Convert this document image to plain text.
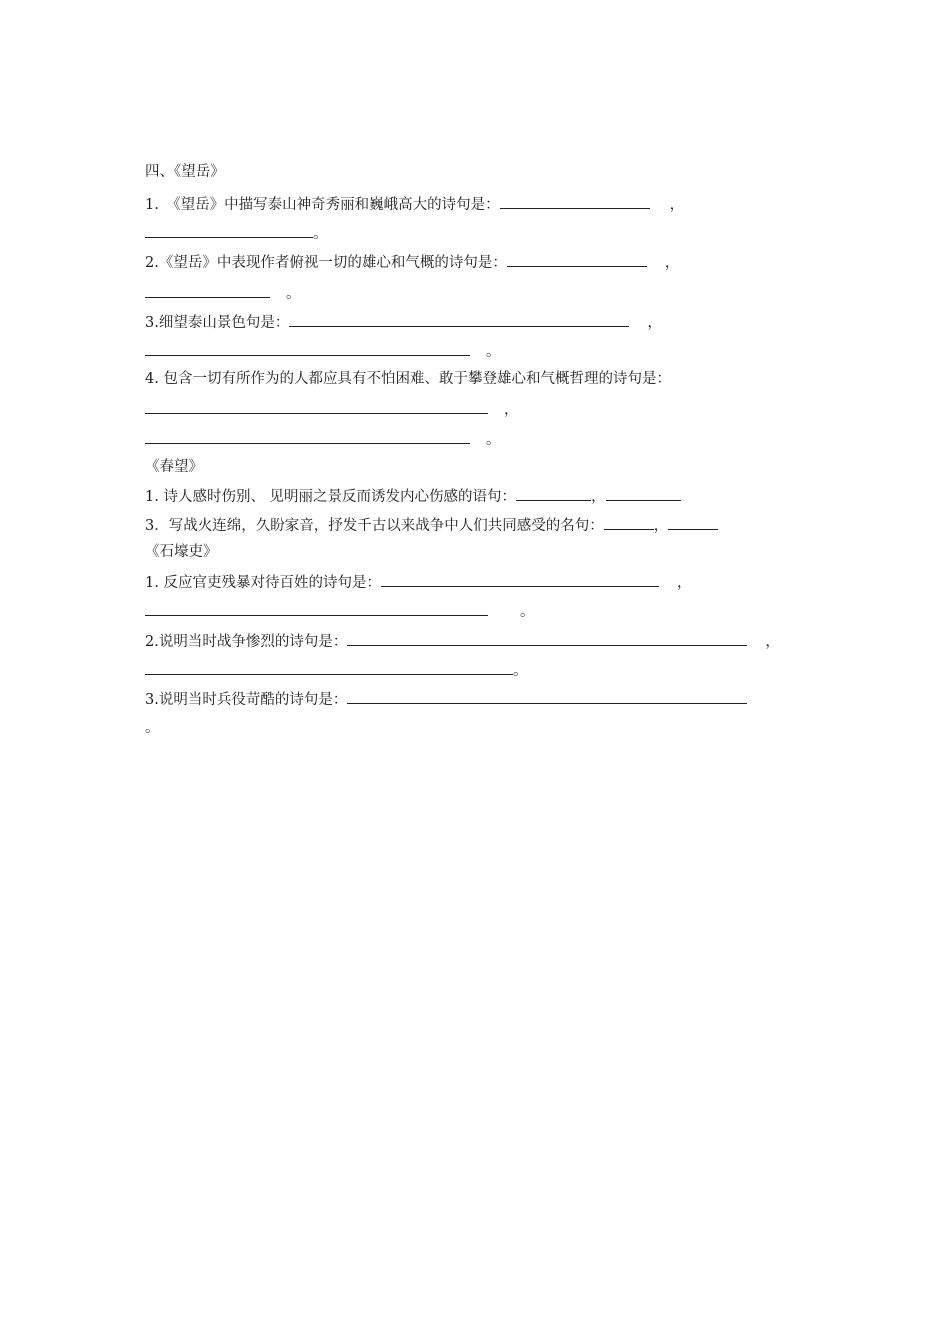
四、《望岳》
1.　《望岳》中描写泰山神奇秀丽和巍峨高大的诗句是：	，
。
2.《望岳》中表现作者俯视一切的雄心和气概的诗句是：	，
。
3.细望泰山景色句是：	，
。
4. 包含一切有所作为的人都应具有不怕困难、敢于攀登雄心和气概哲理的诗句是：
，
。
《春望》
1. 诗人感时伤别、 见明丽之景反而诱发内心伤感的语句：	，
3．写战火连绵，久盼家音，抒发千古以来战争中人们共同感受的名句：	，
《石壕吏》
1. 反应官吏残暴对待百姓的诗句是：	，
。
2.说明当时战争惨烈的诗句是：	，
。
3.说明当时兵役苛酷的诗句是：
。
